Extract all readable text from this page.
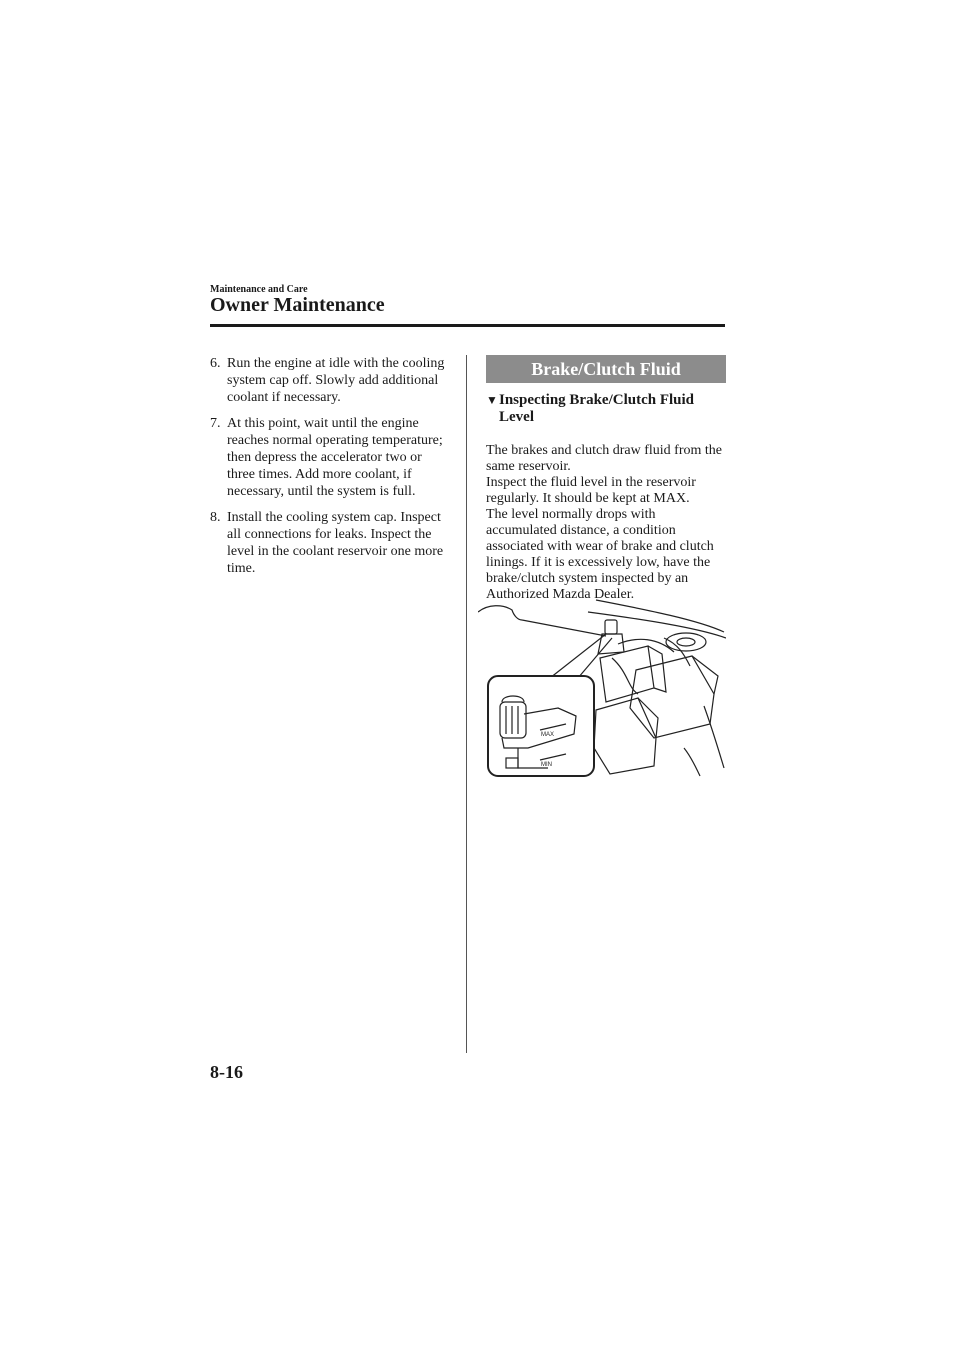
Maintenance and Care
Owner Maintenance
6. Run the engine at idle with the cooling system cap off. Slowly add additional coolant if necessary.
7. At this point, wait until the engine reaches normal operating temperature; then depress the accelerator two or three times. Add more coolant, if necessary, until the system is full.
8. Install the cooling system cap. Inspect all connections for leaks. Inspect the level in the coolant reservoir one more time.
Brake/Clutch Fluid
▼ Inspecting Brake/Clutch Fluid Level

The brakes and clutch draw fluid from the same reservoir.

Inspect the fluid level in the reservoir regularly. It should be kept at MAX.

The level normally drops with accumulated distance, a condition associated with wear of brake and clutch linings. If it is excessively low, have the brake/clutch system inspected by an Authorized Mazda Dealer.

MAX
MIN
8-16
